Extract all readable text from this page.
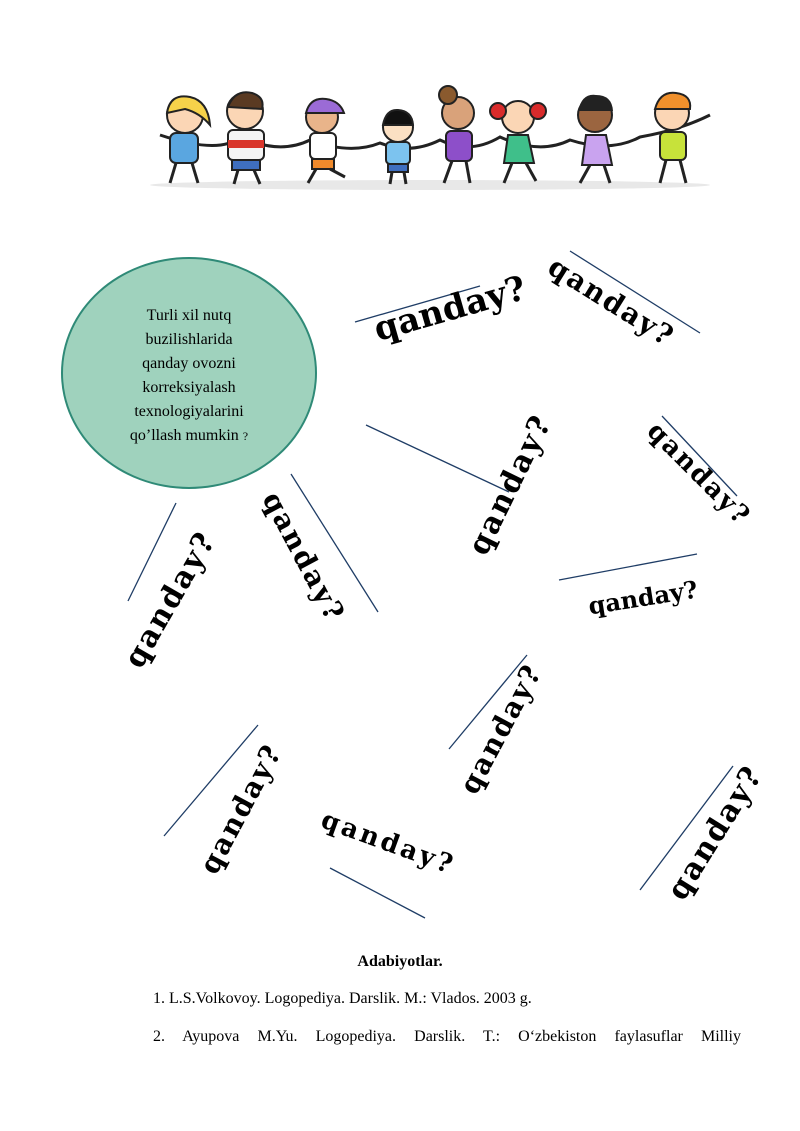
Turli xil nutq
buzilishlarida
qanday ovozni
korreksiyalash
texnologiyalarini
qo’llash mumkin ?
qanday? qanday?
qanday?	qanday?
qanday?
qanday?
qanday?
qanday?
qanday? qanday?	qanday?
Adabiyotlar.
1. L.S.Volkovoy. Logopediya. Darslik. M.: Vlados. 2003 g.
2. Ayupova M.Yu. Logopediya. Darslik. T.: O‘zbekiston faylasuflar Milliy
